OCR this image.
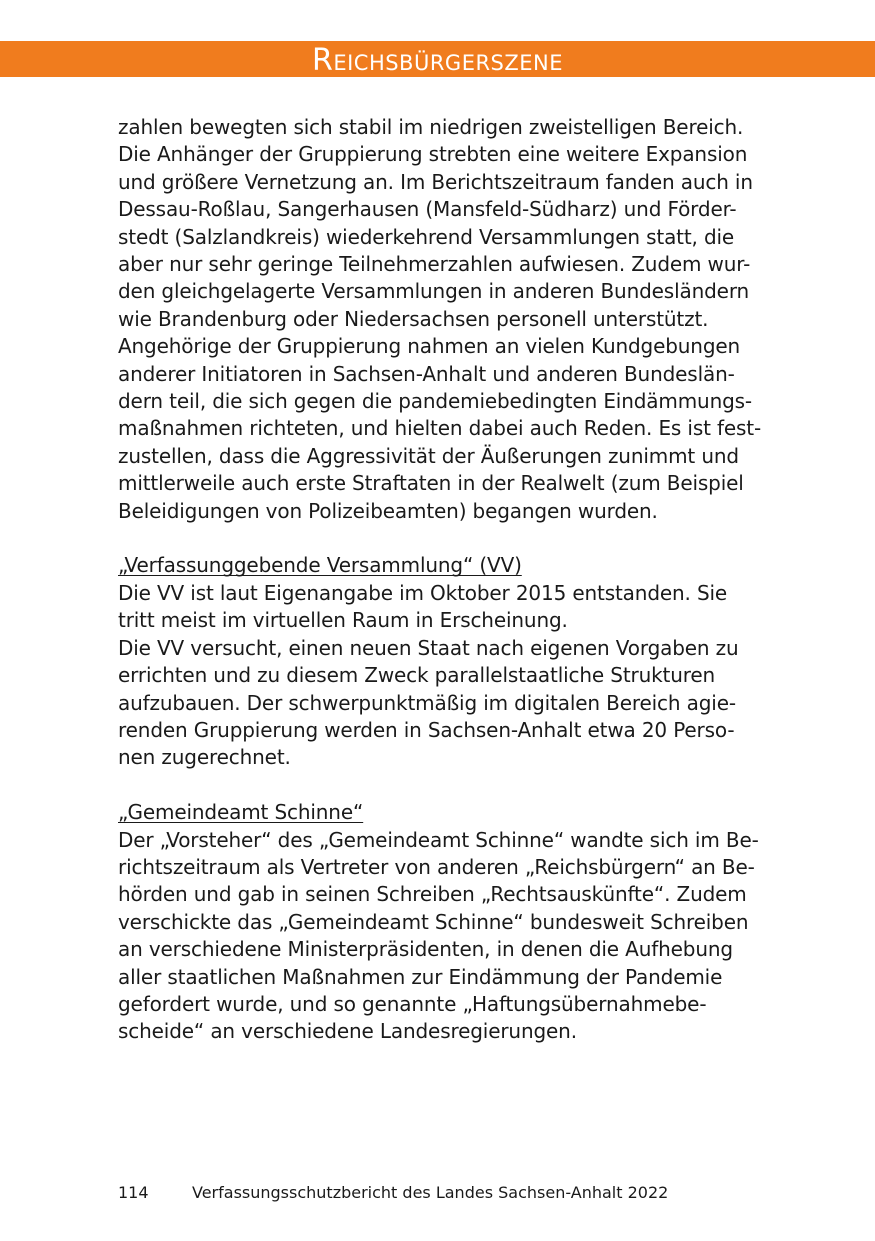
Reichsbürgerszene

zahlen bewegten sich stabil im niedrigen zweistelligen Bereich.
Die Anhänger der Gruppierung strebten eine weitere Expansion
und größere Vernetzung an. Im Berichtszeitraum fanden auch in
Dessau-Roßlau, Sangerhausen (Mansfeld-Südharz) und Förder-
stedt (Salzlandkreis) wiederkehrend Versammlungen statt, die
aber nur sehr geringe Teilnehmerzahlen aufwiesen. Zudem wur-
den gleichgelagerte Versammlungen in anderen Bundesländern
wie Brandenburg oder Niedersachsen personell unterstützt.
Angehörige der Gruppierung nahmen an vielen Kundgebungen
anderer Initiatoren in Sachsen-Anhalt und anderen Bundeslän-
dern teil, die sich gegen die pandemiebedingten Eindämmungs-
maßnahmen richteten, und hielten dabei auch Reden. Es ist fest-
zustellen, dass die Aggressivität der Äußerungen zunimmt und
mittlerweile auch erste Straftaten in der Realwelt (zum Beispiel
Beleidigungen von Polizeibeamten) begangen wurden.

„Verfassunggebende Versammlung“ (VV)

Die VV ist laut Eigenangabe im Oktober 2015 entstanden. Sie
tritt meist im virtuellen Raum in Erscheinung.
Die VV versucht, einen neuen Staat nach eigenen Vorgaben zu
errichten und zu diesem Zweck parallelstaatliche Strukturen
aufzubauen. Der schwerpunktmäßig im digitalen Bereich agie-
renden Gruppierung werden in Sachsen-Anhalt etwa 20 Perso-
nen zugerechnet.

„Gemeindeamt Schinne“

Der „Vorsteher“ des „Gemeindeamt Schinne“ wandte sich im Be-
richtszeitraum als Vertreter von anderen „Reichsbürgern“ an Be-
hörden und gab in seinen Schreiben „Rechtsauskünfte“. Zudem
verschickte das „Gemeindeamt Schinne“ bundesweit Schreiben
an verschiedene Ministerpräsidenten, in denen die Aufhebung
aller staatlichen Maßnahmen zur Eindämmung der Pandemie
gefordert wurde, und so genannte „Haftungsübernahmebe-
scheide“ an verschiedene Landesregierungen.

114	Verfassungsschutzbericht des Landes Sachsen-Anhalt 2022
